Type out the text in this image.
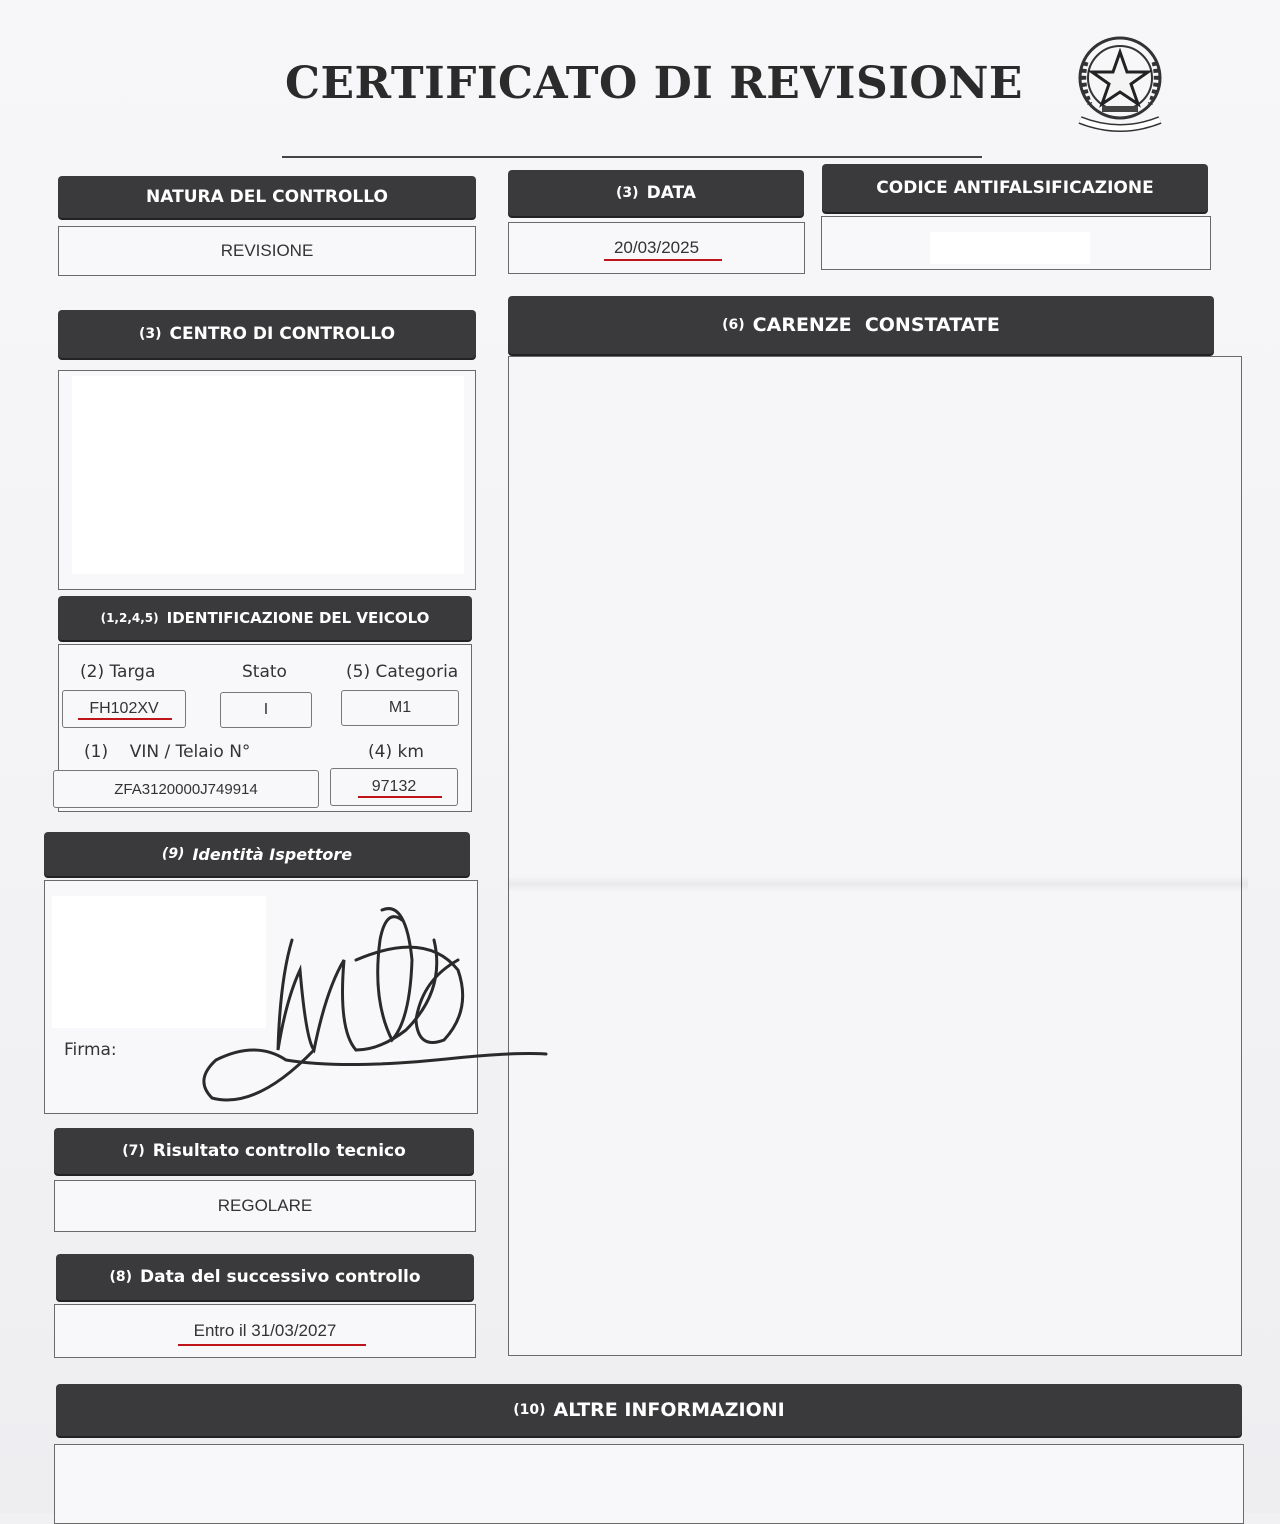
CERTIFICATO DI REVISIONE
NATURA DEL CONTROLLO
REVISIONE
(3) DATA
20/03/2025
CODICE ANTIFALSIFICAZIONE
(3) CENTRO DI CONTROLLO	(6) CARENZE  CONSTATATE
(1,2,4,5) IDENTIFICAZIONE DEL VEICOLO
(2) Targa	Stato	(5) Categoria
FH102XV	I	M1
(1)    VIN / Telaio N°	(4) km
ZFA3120000J749914	97132
(9) Identità Ispettore
Firma:
(7) Risultato controllo tecnico
REGOLARE
(8) Data del successivo controllo
Entro il 31/03/2027
(10) ALTRE INFORMAZIONI
